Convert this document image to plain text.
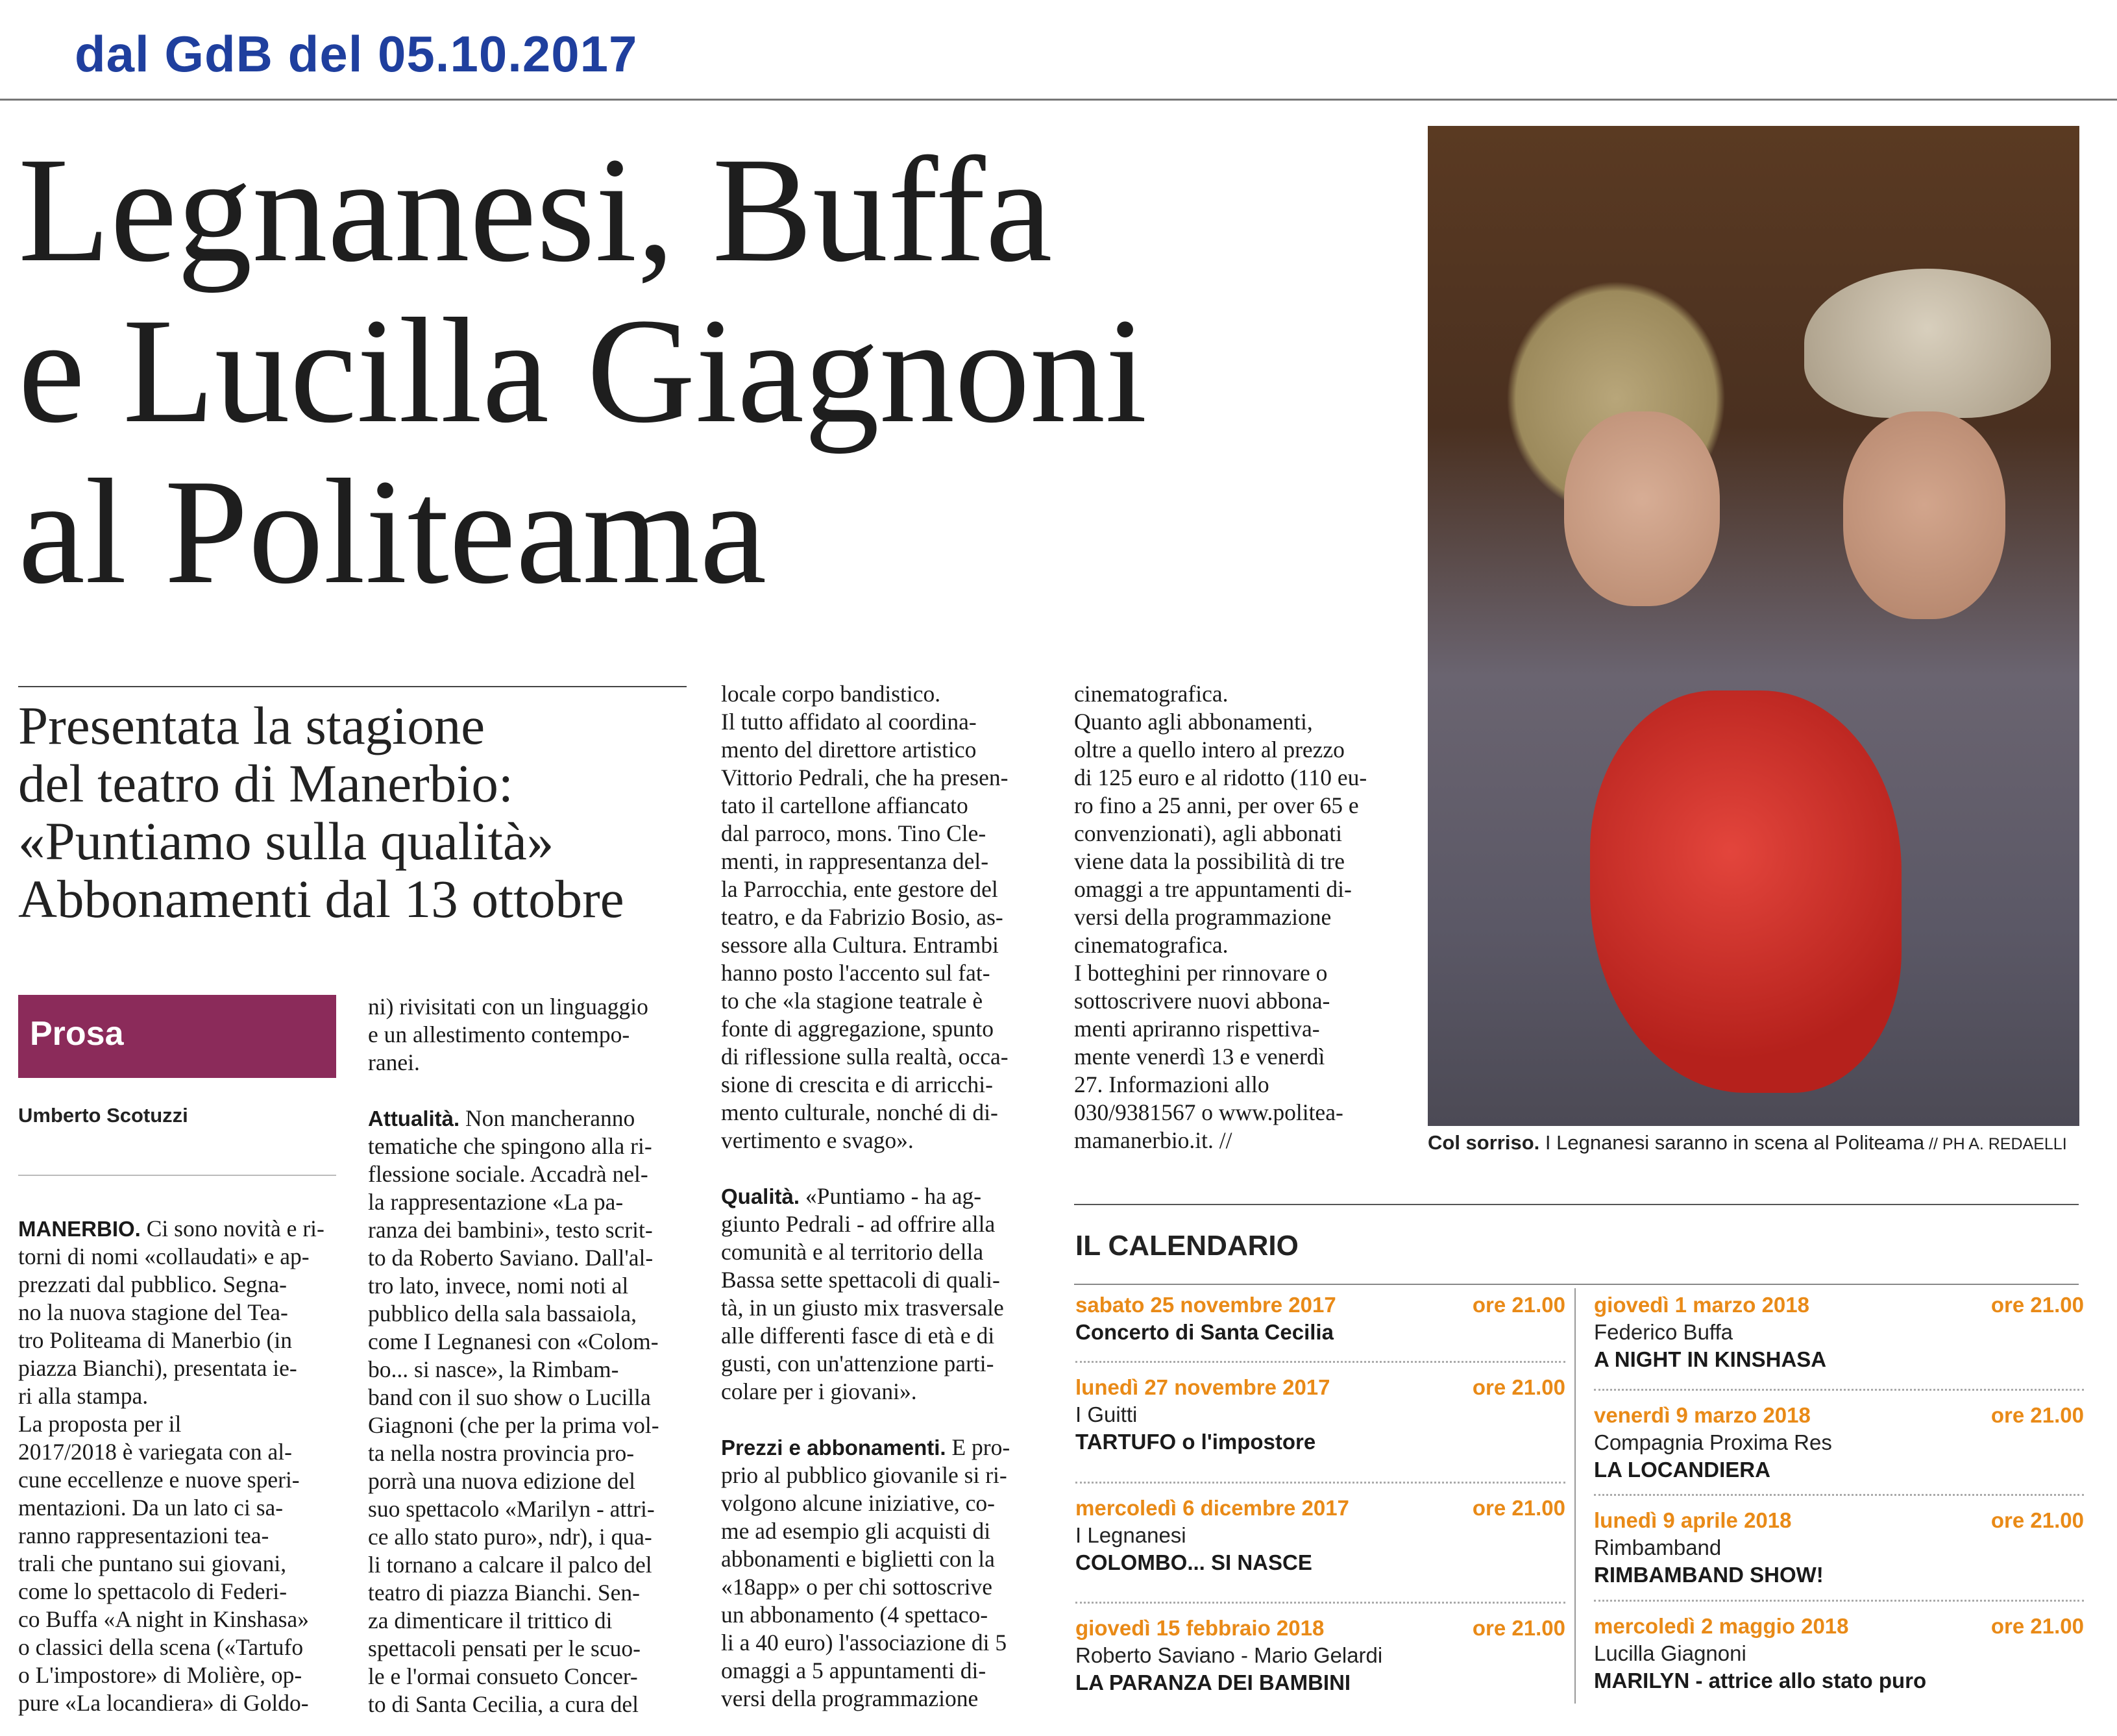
dal GdB del 05.10.2017
Legnanesi, Buffa
e Lucilla Giagnoni
al Politeama
Presentata la stagione
del teatro di Manerbio:
«Puntiamo sulla qualità»
Abbonamenti dal 13 ottobre
Prosa
Umberto Scotuzzi
MANERBIO. Ci sono novità e ri-
torni di nomi «collaudati» e ap-
prezzati dal pubblico. Segna-
no la nuova stagione del Tea-
tro Politeama di Manerbio (in
piazza Bianchi), presentata ie-
ri alla stampa.
La proposta per il
2017/2018 è variegata con al-
cune eccellenze e nuove speri-
mentazioni. Da un lato ci sa-
ranno rappresentazioni tea-
trali che puntano sui giovani,
come lo spettacolo di Federi-
co Buffa «A night in Kinshasa»
o classici della scena («Tartufo
o L'impostore» di Molière, op-
pure «La locandiera» di Goldo-
ni) rivisitati con un linguaggio
e un allestimento contempo-
ranei.

Attualità. Non mancheranno
tematiche che spingono alla ri-
flessione sociale. Accadrà nel-
la rappresentazione «La pa-
ranza dei bambini», testo scrit-
to da Roberto Saviano. Dall'al-
tro lato, invece, nomi noti al
pubblico della sala bassaiola,
come I Legnanesi con «Colom-
bo... si nasce», la Rimbam-
band con il suo show o Lucilla
Giagnoni (che per la prima vol-
ta nella nostra provincia pro-
porrà una nuova edizione del
suo spettacolo «Marilyn - attri-
ce allo stato puro», ndr), i qua-
li tornano a calcare il palco del
teatro di piazza Bianchi. Sen-
za dimenticare il trittico di
spettacoli pensati per le scuo-
le e l'ormai consueto Concer-
to di Santa Cecilia, a cura del
locale corpo bandistico.
Il tutto affidato al coordina-
mento del direttore artistico
Vittorio Pedrali, che ha presen-
tato il cartellone affiancato
dal parroco, mons. Tino Cle-
menti, in rappresentanza del-
la Parrocchia, ente gestore del
teatro, e da Fabrizio Bosio, as-
sessore alla Cultura. Entrambi
hanno posto l'accento sul fat-
to che «la stagione teatrale è
fonte di aggregazione, spunto
di riflessione sulla realtà, occa-
sione di crescita e di arricchi-
mento culturale, nonché di di-
vertimento e svago».

Qualità. «Puntiamo - ha ag-
giunto Pedrali - ad offrire alla
comunità e al territorio della
Bassa sette spettacoli di quali-
tà, in un giusto mix trasversale
alle differenti fasce di età e di
gusti, con un'attenzione parti-
colare per i giovani».

Prezzi e abbonamenti. E pro-
prio al pubblico giovanile si ri-
volgono alcune iniziative, co-
me ad esempio gli acquisti di
abbonamenti e biglietti con la
«18app» o per chi sottoscrive
un abbonamento (4 spettaco-
li a 40 euro) l'associazione di 5
omaggi a 5 appuntamenti di-
versi della programmazione
cinematografica.
Quanto agli abbonamenti,
oltre a quello intero al prezzo
di 125 euro e al ridotto (110 eu-
ro fino a 25 anni, per over 65 e
convenzionati), agli abbonati
viene data la possibilità di tre
omaggi a tre appuntamenti di-
versi della programmazione
cinematografica.
I botteghini per rinnovare o
sottoscrivere nuovi abbona-
menti apriranno rispettiva-
mente venerdì 13 e venerdì
27. Informazioni allo
030/9381567 o www.politea-
mamanerbio.it. //	Col sorriso. I Legnanesi saranno in scena al Politeama // PH A. REDAELLI
IL CALENDARIO
sabato 25 novembre 2017	ore 21.00
Concerto di Santa Cecilia
lunedì 27 novembre 2017	ore 21.00
I Guitti
TARTUFO o l'impostore
mercoledì 6 dicembre 2017	ore 21.00
I Legnanesi
COLOMBO... SI NASCE
giovedì 15 febbraio 2018	ore 21.00
Roberto Saviano - Mario Gelardi
LA PARANZA DEI BAMBINI
giovedì 1 marzo 2018	ore 21.00
Federico Buffa
A NIGHT IN KINSHASA
venerdì 9 marzo 2018	ore 21.00
Compagnia Proxima Res
LA LOCANDIERA
lunedì 9 aprile 2018	ore 21.00
Rimbamband
RIMBAMBAND SHOW!
mercoledì 2 maggio 2018	ore 21.00
Lucilla Giagnoni
MARILYN - attrice allo stato puro
